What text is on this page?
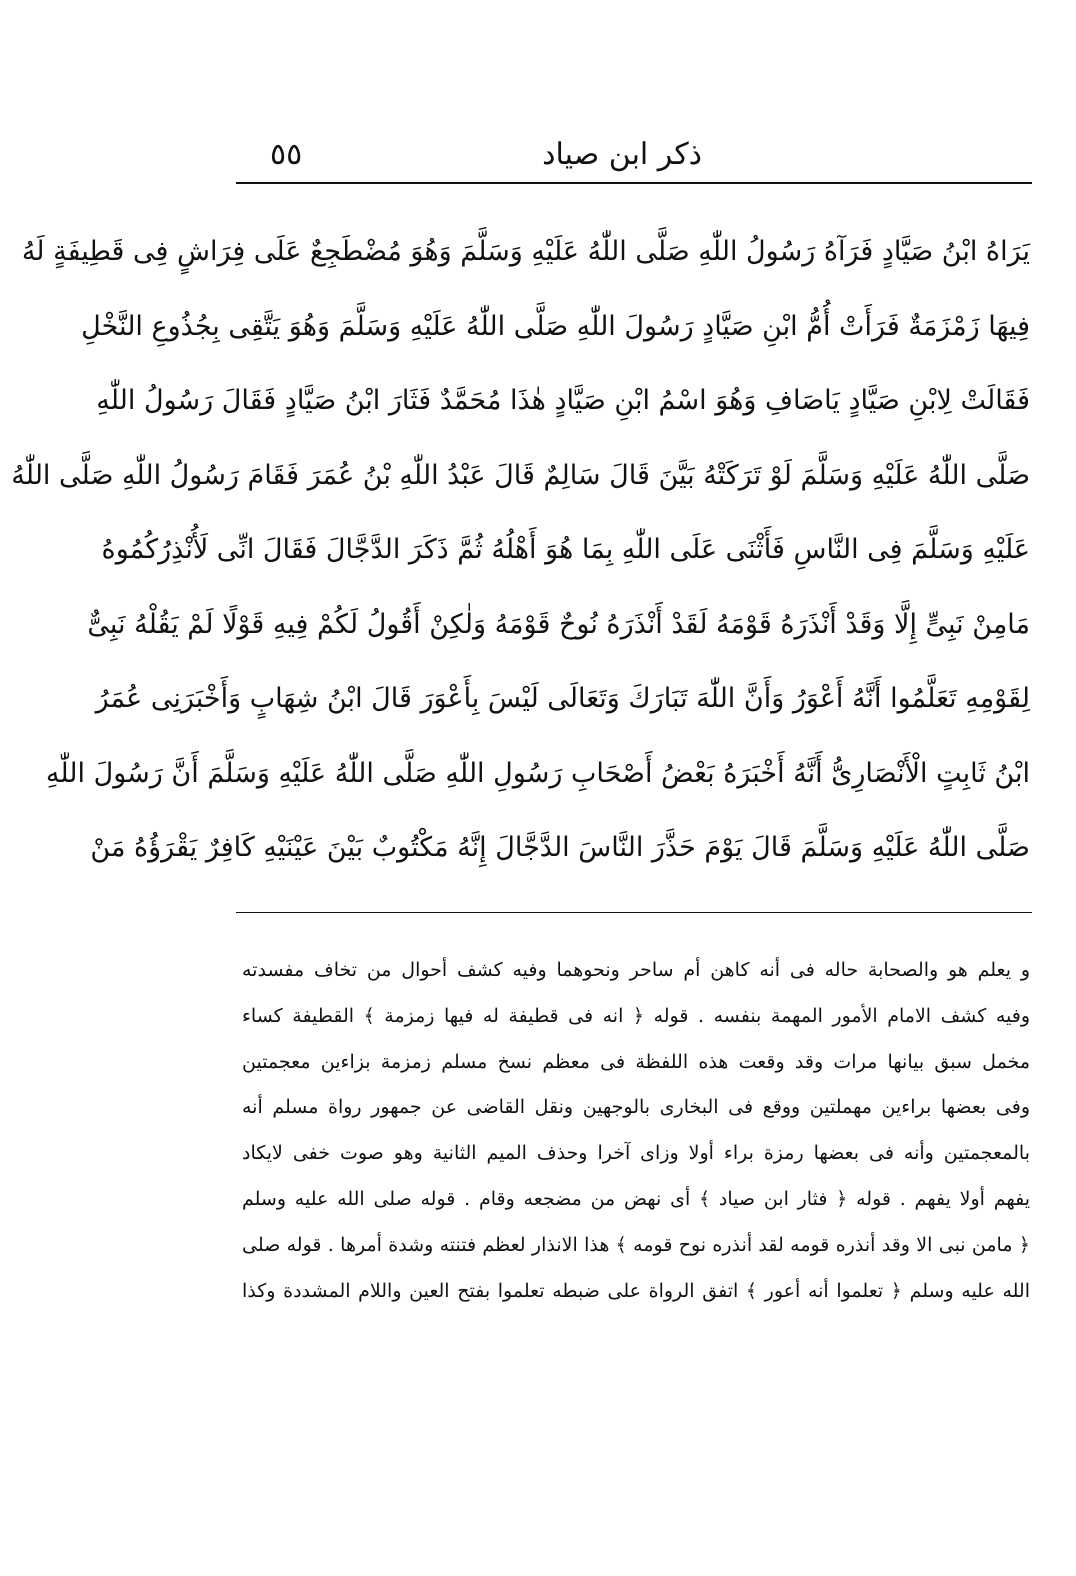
ذكر ابن صياد
٥٥
يَرَاهُ ابْنُ صَيَّادٍ فَرَآهُ رَسُولُ اللّٰهِ صَلَّى اللّٰهُ عَلَيْهِ وَسَلَّمَ وَهُوَ مُضْطَجِعٌ عَلَى فِرَاشٍ فِى قَطِيفَةٍ لَهُ
فِيهَا زَمْزَمَةٌ فَرَأَتْ أُمُّ ابْنِ صَيَّادٍ رَسُولَ اللّٰهِ صَلَّى اللّٰهُ عَلَيْهِ وَسَلَّمَ وَهُوَ يَتَّقِى بِجُذُوعِ النَّخْلِ
فَقَالَتْ لِابْنِ صَيَّادٍ يَاصَافِ وَهُوَ اسْمُ ابْنِ صَيَّادٍ هٰذَا مُحَمَّدٌ فَثَارَ ابْنُ صَيَّادٍ فَقَالَ رَسُولُ اللّٰهِ
صَلَّى اللّٰهُ عَلَيْهِ وَسَلَّمَ لَوْ تَرَكَتْهُ بَيَّنَ قَالَ سَالِمٌ قَالَ عَبْدُ اللّٰهِ بْنُ عُمَرَ فَقَامَ رَسُولُ اللّٰهِ صَلَّى اللّٰهُ
عَلَيْهِ وَسَلَّمَ فِى النَّاسِ فَأَثْنَى عَلَى اللّٰهِ بِمَا هُوَ أَهْلُهُ ثُمَّ ذَكَرَ الدَّجَّالَ فَقَالَ انِّى لَأُنْذِرُكُمُوهُ
مَامِنْ نَبِىٍّ إِلَّا وَقَدْ أَنْذَرَهُ قَوْمَهُ لَقَدْ أَنْذَرَهُ نُوحٌ قَوْمَهُ وَلٰكِنْ أَقُولُ لَكُمْ فِيهِ قَوْلًا لَمْ يَقُلْهُ نَبِىٌّ
لِقَوْمِهِ تَعَلَّمُوا أَنَّهُ أَعْوَرُ وَأَنَّ اللّٰهَ تَبَارَكَ وَتَعَالَى لَيْسَ بِأَعْوَرَ قَالَ ابْنُ شِهَابٍ وَأَخْبَرَنِى عُمَرُ
ابْنُ ثَابِتٍ الْأَنْصَارِىُّ أَنَّهُ أَخْبَرَهُ بَعْضُ أَصْحَابِ رَسُولِ اللّٰهِ صَلَّى اللّٰهُ عَلَيْهِ وَسَلَّمَ أَنَّ رَسُولَ اللّٰهِ
صَلَّى اللّٰهُ عَلَيْهِ وَسَلَّمَ قَالَ يَوْمَ حَذَّرَ النَّاسَ الدَّجَّالَ إِنَّهُ مَكْتُوبٌ بَيْنَ عَيْنَيْهِ كَافِرٌ يَقْرَؤُهُ مَنْ
و يعلم هو والصحابة حاله فى أنه كاهن أم ساحر ونحوهما وفيه كشف أحوال من تخاف مفسدته
وفيه كشف الامام الأمور المهمة بنفسه . قوله ﴿ انه فى قطيفة له فيها زمزمة ﴾ القطيفة كساء
مخمل سبق بيانها مرات وقد وقعت هذه اللفظة فى معظم نسخ مسلم زمزمة بزاءين معجمتين
وفى بعضها براءين مهملتين ووقع فى البخارى بالوجهين ونقل القاضى عن جمهور رواة مسلم أنه
بالمعجمتين وأنه فى بعضها رمزة براء أولا وزاى آخرا وحذف الميم الثانية وهو صوت خفى لايكاد
يفهم أولا يفهم . قوله ﴿ فثار ابن صياد ﴾ أى نهض من مضجعه وقام . قوله صلى الله عليه وسلم
﴿ مامن نبى الا وقد أنذره قومه لقد أنذره نوح قومه ﴾ هذا الانذار لعظم فتنته وشدة أمرها . قوله صلى
الله عليه وسلم ﴿ تعلموا أنه أعور ﴾ اتفق الرواة على ضبطه تعلموا بفتح العين واللام المشددة وكذا
